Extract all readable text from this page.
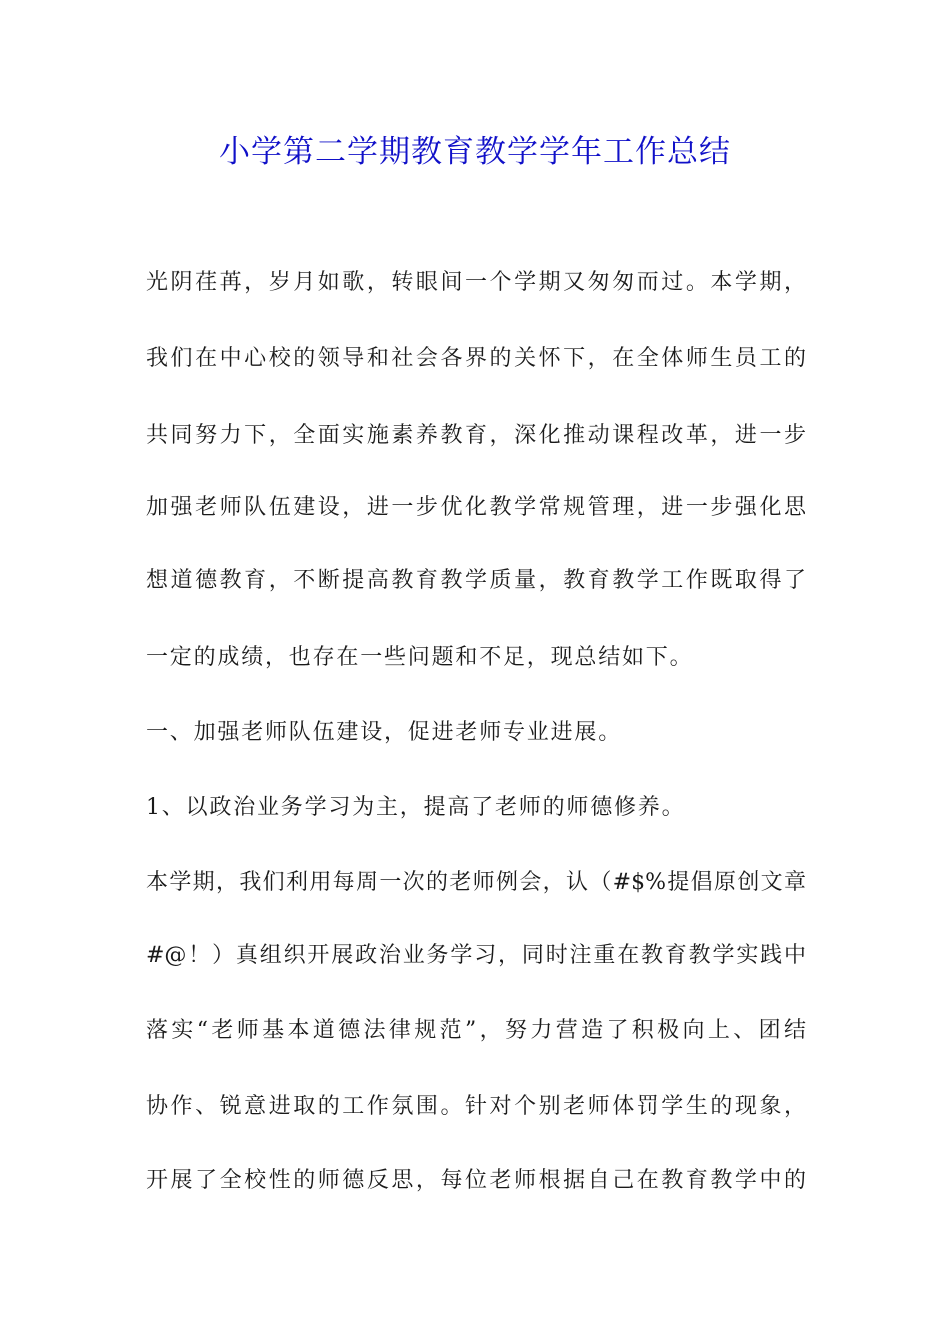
小学第二学期教育教学学年工作总结
光阴荏苒，岁月如歌，转眼间一个学期又匆匆而过。本学期，
我们在中心校的领导和社会各界的关怀下，在全体师生员工的
共同努力下，全面实施素养教育，深化推动课程改革，进一步
加强老师队伍建设，进一步优化教学常规管理，进一步强化思
想道德教育，不断提高教育教学质量，教育教学工作既取得了
一定的成绩，也存在一些问题和不足，现总结如下。
一、加强老师队伍建设，促进老师专业进展。
1、以政治业务学习为主，提高了老师的师德修养。
本学期，我们利用每周一次的老师例会，认（#$%提倡原创文章
#@！）真组织开展政治业务学习，同时注重在教育教学实践中
落实“老师基本道德法律规范”，努力营造了积极向上、团结
协作、锐意进取的工作氛围。针对个别老师体罚学生的现象，
开展了全校性的师德反思，每位老师根据自己在教育教学中的
